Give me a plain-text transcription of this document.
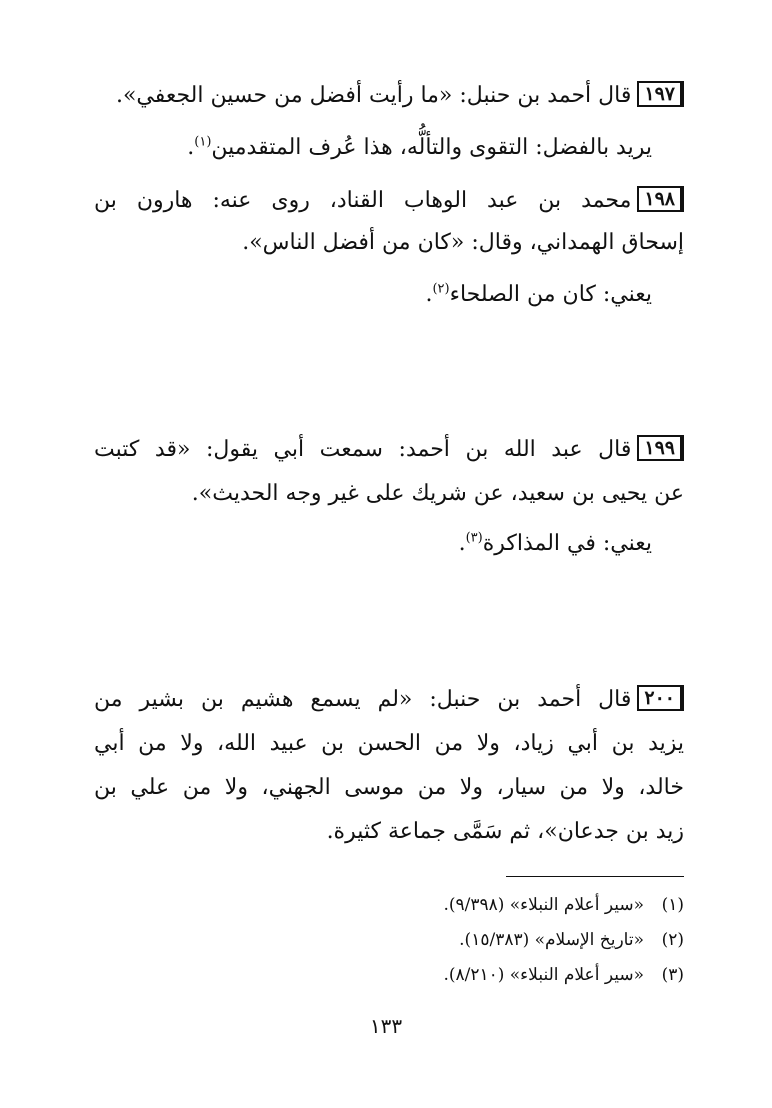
١٩٧قال أحمد بن حنبل: «ما رأيت أفضل من حسين الجعفي».
يريد بالفضل: التقوى والتألُّه، هذا عُرف المتقدمين$^{(١)}$.
١٩٨محمد بن عبد الوهاب القناد، روى عنه: هارون بن
إسحاق الهمداني، وقال: «كان من أفضل الناس».
يعني: كان من الصلحاء$^{(٢)}$.
١٩٩قال عبد الله بن أحمد: سمعت أبي يقول: «قد كتبت
عن يحيى بن سعيد، عن شريك على غير وجه الحديث».
يعني: في المذاكرة$^{(٣)}$.
٢٠٠قال أحمد بن حنبل: «لم يسمع هشيم بن بشير من
يزيد بن أبي زياد، ولا من الحسن بن عبيد الله، ولا من أبي
خالد، ولا من سيار، ولا من موسى الجهني، ولا من علي بن
زيد بن جدعان»، ثم سَمَّى جماعة كثيرة.
(١)«سير أعلام النبلاء» (٩/٣٩٨).
(٢)«تاريخ الإسلام» (١٥/٣٨٣).
(٣)«سير أعلام النبلاء» (٨/٢١٠).
١٣٣
